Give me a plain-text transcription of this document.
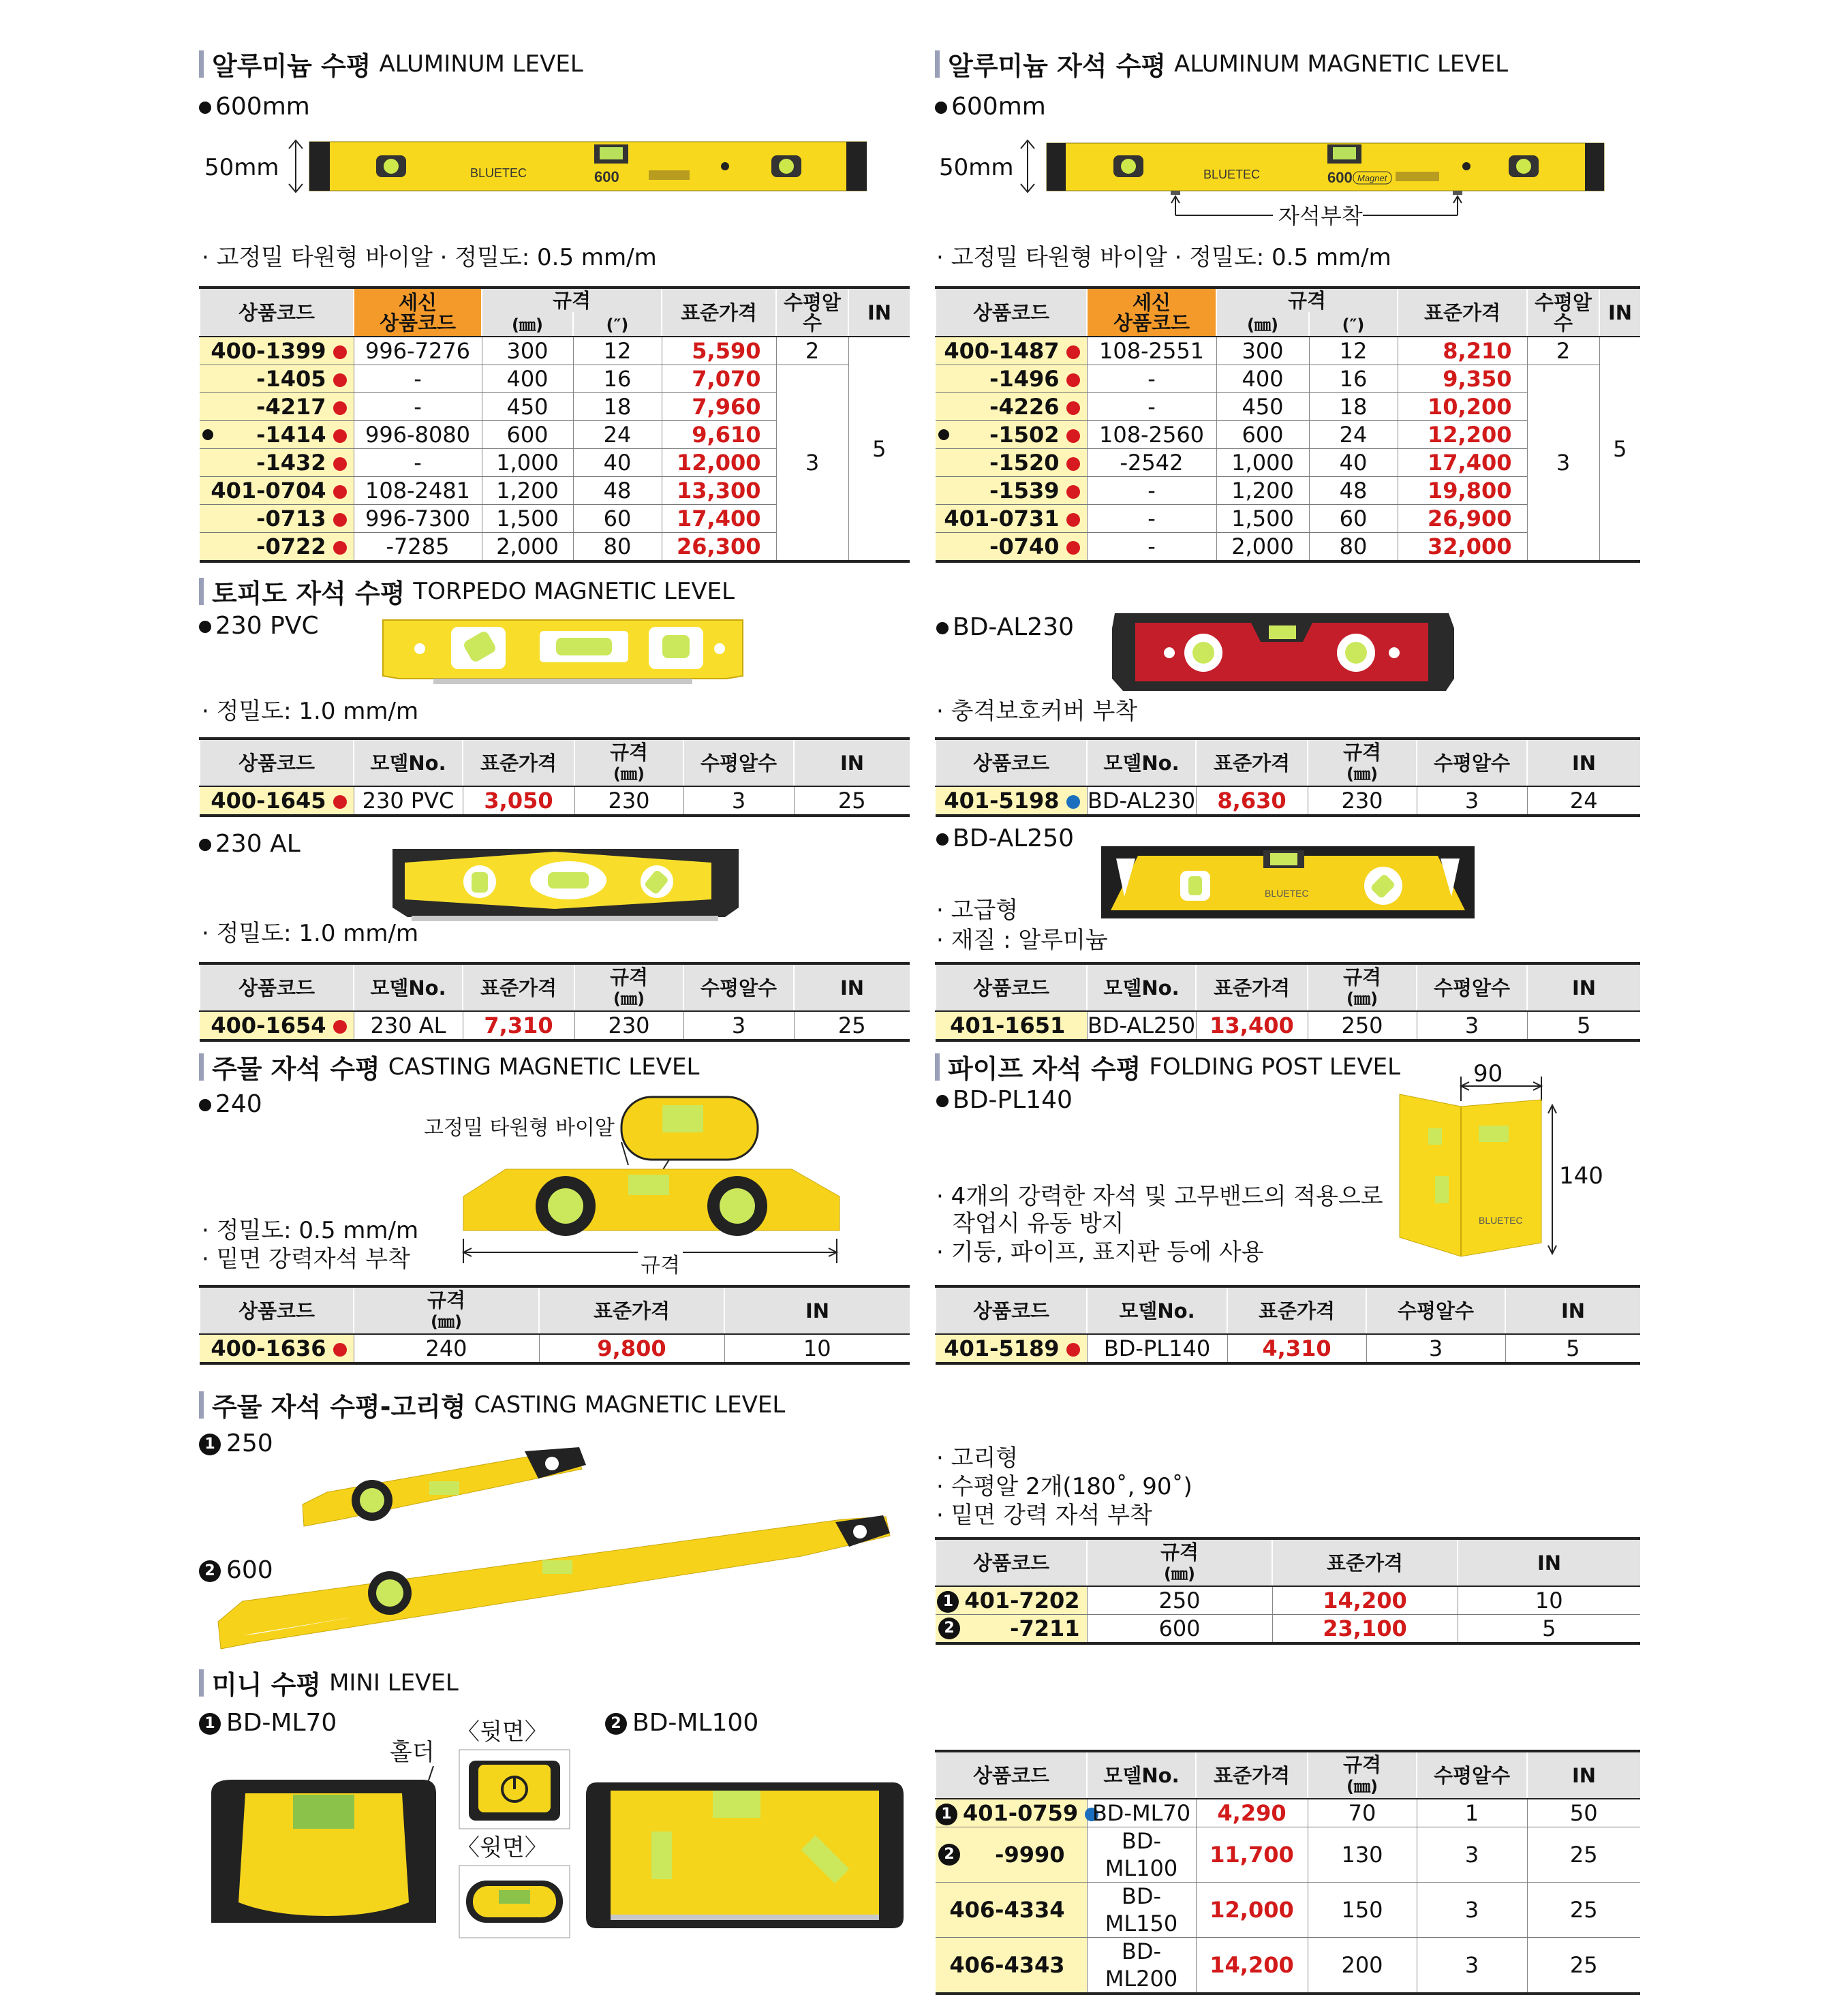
알루미늄 수평 ALUMINUM LEVEL
600mm
50mm	BLUETEC	600
· 고정밀 타원형 바이알 · 정밀도: 0.5 mm/m
상품코드	세신
상품코드	규격		표준가격	수평알수	IN
		(㎜)	(″)			
400-1399	996-7276	300	12	5,590	2	5
-1405	-	400	16	7,070	3	
-4217	-	450	18	7,960		

-1414	996-8080	600	24	9,610		
-1432	-	1,000	40	12,000		
401-0704	108-2481	1,200	48	13,300		
-0713	996-7300	1,500	60	17,400		
-0722	-7285	2,000	80	26,300		
알루미늄 자석 수평 ALUMINUM MAGNETIC LEVEL
600mm
50mm	BLUETEC	600 Magnet
자석부착
· 고정밀 타원형 바이알 · 정밀도: 0.5 mm/m
상품코드	세신
상품코드	규격		표준가격	수평알수	IN
		(㎜)	(″)			
400-1487	108-2551	300	12	8,210	2	5
-1496	-	400	16	9,350	3	
-4226	-	450	18	10,200		

-1502	108-2560	600	24	12,200		
-1520	-2542	1,000	40	17,400		
-1539	-	1,200	48	19,800		
401-0731	-	1,500	60	26,900		
-0740	-	2,000	80	32,000		
토피도 자석 수평 TORPEDO MAGNETIC LEVEL
230 PVC
· 정밀도: 1.0 mm/m
상품코드	모델No.	표준가격	규격
(㎜)	수평알수	IN
400-1645	230 PVC	3,050	230	3	25
230 AL
· 정밀도: 1.0 mm/m
상품코드	모델No.	표준가격	규격
(㎜)	수평알수	IN
400-1654	230 AL	7,310	230	3	25
BD-AL230
· 충격보호커버 부착
상품코드	모델No.	표준가격	규격
(㎜)	수평알수	IN
401-5198	BD-AL230	8,630	230	3	24
BD-AL250
BLUETEC
· 고급형
· 재질 : 알루미늄
상품코드	모델No.	표준가격	규격
(㎜)	수평알수	IN
401-1651	BD-AL250	13,400	250	3	5
주물 자석 수평 CASTING MAGNETIC LEVEL
240
고정밀 타원형 바이알
규격
· 정밀도: 0.5 mm/m
· 밑면 강력자석 부착
상품코드	규격
(㎜)	표준가격	IN
400-1636	240	9,800	10
파이프 자석 수평 FOLDING POST LEVEL
BD-PL140
BLUETEC
90
140
· 4개의 강력한 자석 및 고무밴드의 적용으로
작업시 유동 방지
· 기둥, 파이프, 표지판 등에 사용
상품코드	모델No.	표준가격	수평알수	IN
401-5189	BD-PL140	4,310	3	5
주물 자석 수평-고리형 CASTING MAGNETIC LEVEL
1 250
2 600
· 고리형
· 수평알 2개(180˚, 90˚)
· 밑면 강력 자석 부착
상품코드	규격
(㎜)	표준가격	IN
1 401-7202	250	14,200	10

2 -7211	600	23,100	5
미니 수평 MINI LEVEL
1 BD-ML70
홀더
〈뒷면〉
〈윗면〉
2 BD-ML100
상품코드	모델No.	표준가격	규격
(㎜)	수평알수	IN
1 401-0759	BD-ML70	4,290	70	1	50

2 -9990	BD-ML100	11,700	130	3	25
406-4334	BD-ML150	12,000	150	3	25
406-4343	BD-ML200	14,200	200	3	25
